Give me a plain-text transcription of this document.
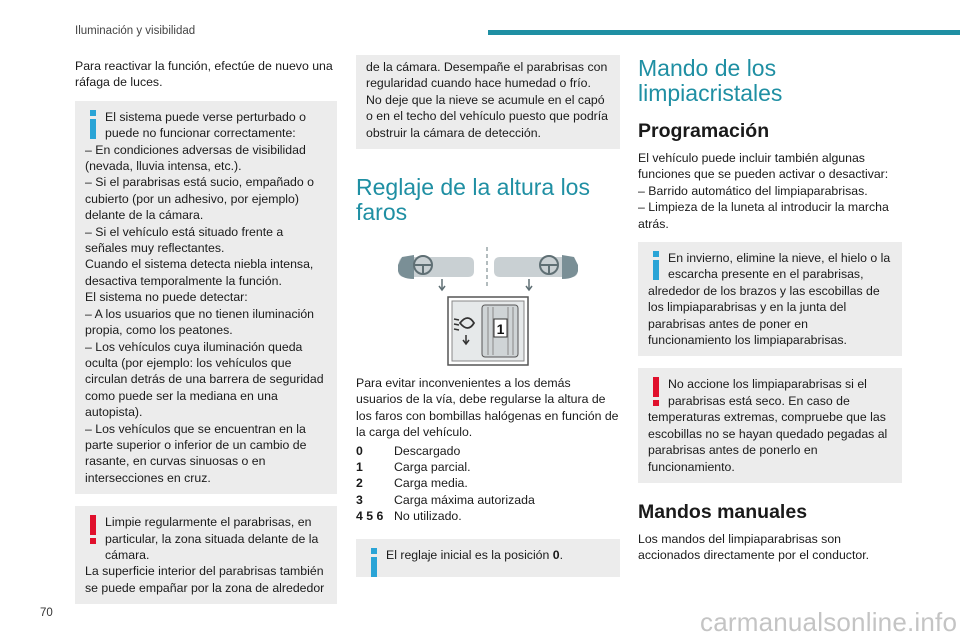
Iluminación y visibilidad

Para reactivar la función, efectúe de nuevo una ráfaga de luces.

El sistema puede verse perturbado o puede no funcionar correctamente:

– En condiciones adversas de visibilidad (nevada, lluvia intensa, etc.).

– Si el parabrisas está sucio, empañado o cubierto (por un adhesivo, por ejemplo) delante de la cámara.

– Si el vehículo está situado frente a señales muy reflectantes.

Cuando el sistema detecta niebla intensa, desactiva temporalmente la función.

El sistema no puede detectar:

– A los usuarios que no tienen iluminación propia, como los peatones.

– Los vehículos cuya iluminación queda oculta (por ejemplo: los vehículos que circulan detrás de una barrera de seguridad como puede ser la mediana en una autopista).

– Los vehículos que se encuentran en la parte superior o inferior de un cambio de rasante, en curvas sinuosas o en intersecciones en cruz.

Limpie regularmente el parabrisas, en particular, la zona situada delante de la cámara.

La superficie interior del parabrisas también se puede empañar por la zona de alrededor

de la cámara. Desempañe el parabrisas con regularidad cuando hace humedad o frío. No deje que la nieve se acumule en el capó o en el techo del vehículo puesto que podría obstruir la cámara de detección.

Reglaje de la altura los faros
1

Para evitar inconvenientes a los demás usuarios de la vía, debe regularse la altura de los faros con bombillas halógenas en función de la carga del vehículo.

0	Descargado
1	Carga parcial.
2	Carga media.
3	Carga máxima autorizada
4 5 6 No utilizado.

El reglaje inicial es la posición 0.

Mando de los limpiacristales
Programación

El vehículo puede incluir también algunas funciones que se pueden activar o desactivar:

– Barrido automático del limpiaparabrisas.

– Limpieza de la luneta al introducir la marcha atrás.

En invierno, elimine la nieve, el hielo o la escarcha presente en el parabrisas,

alrededor de los brazos y las escobillas de los limpiaparabrisas y en la junta del parabrisas antes de poner en funcionamiento los limpiaparabrisas.

No accione los limpiaparabrisas si el parabrisas está seco. En caso de

temperaturas extremas, compruebe que las escobillas no se hayan quedado pegadas al parabrisas antes de ponerlo en funcionamiento.

Mandos manuales

Los mandos del limpiaparabrisas son accionados directamente por el conductor.

70	carmanualsonline.info
